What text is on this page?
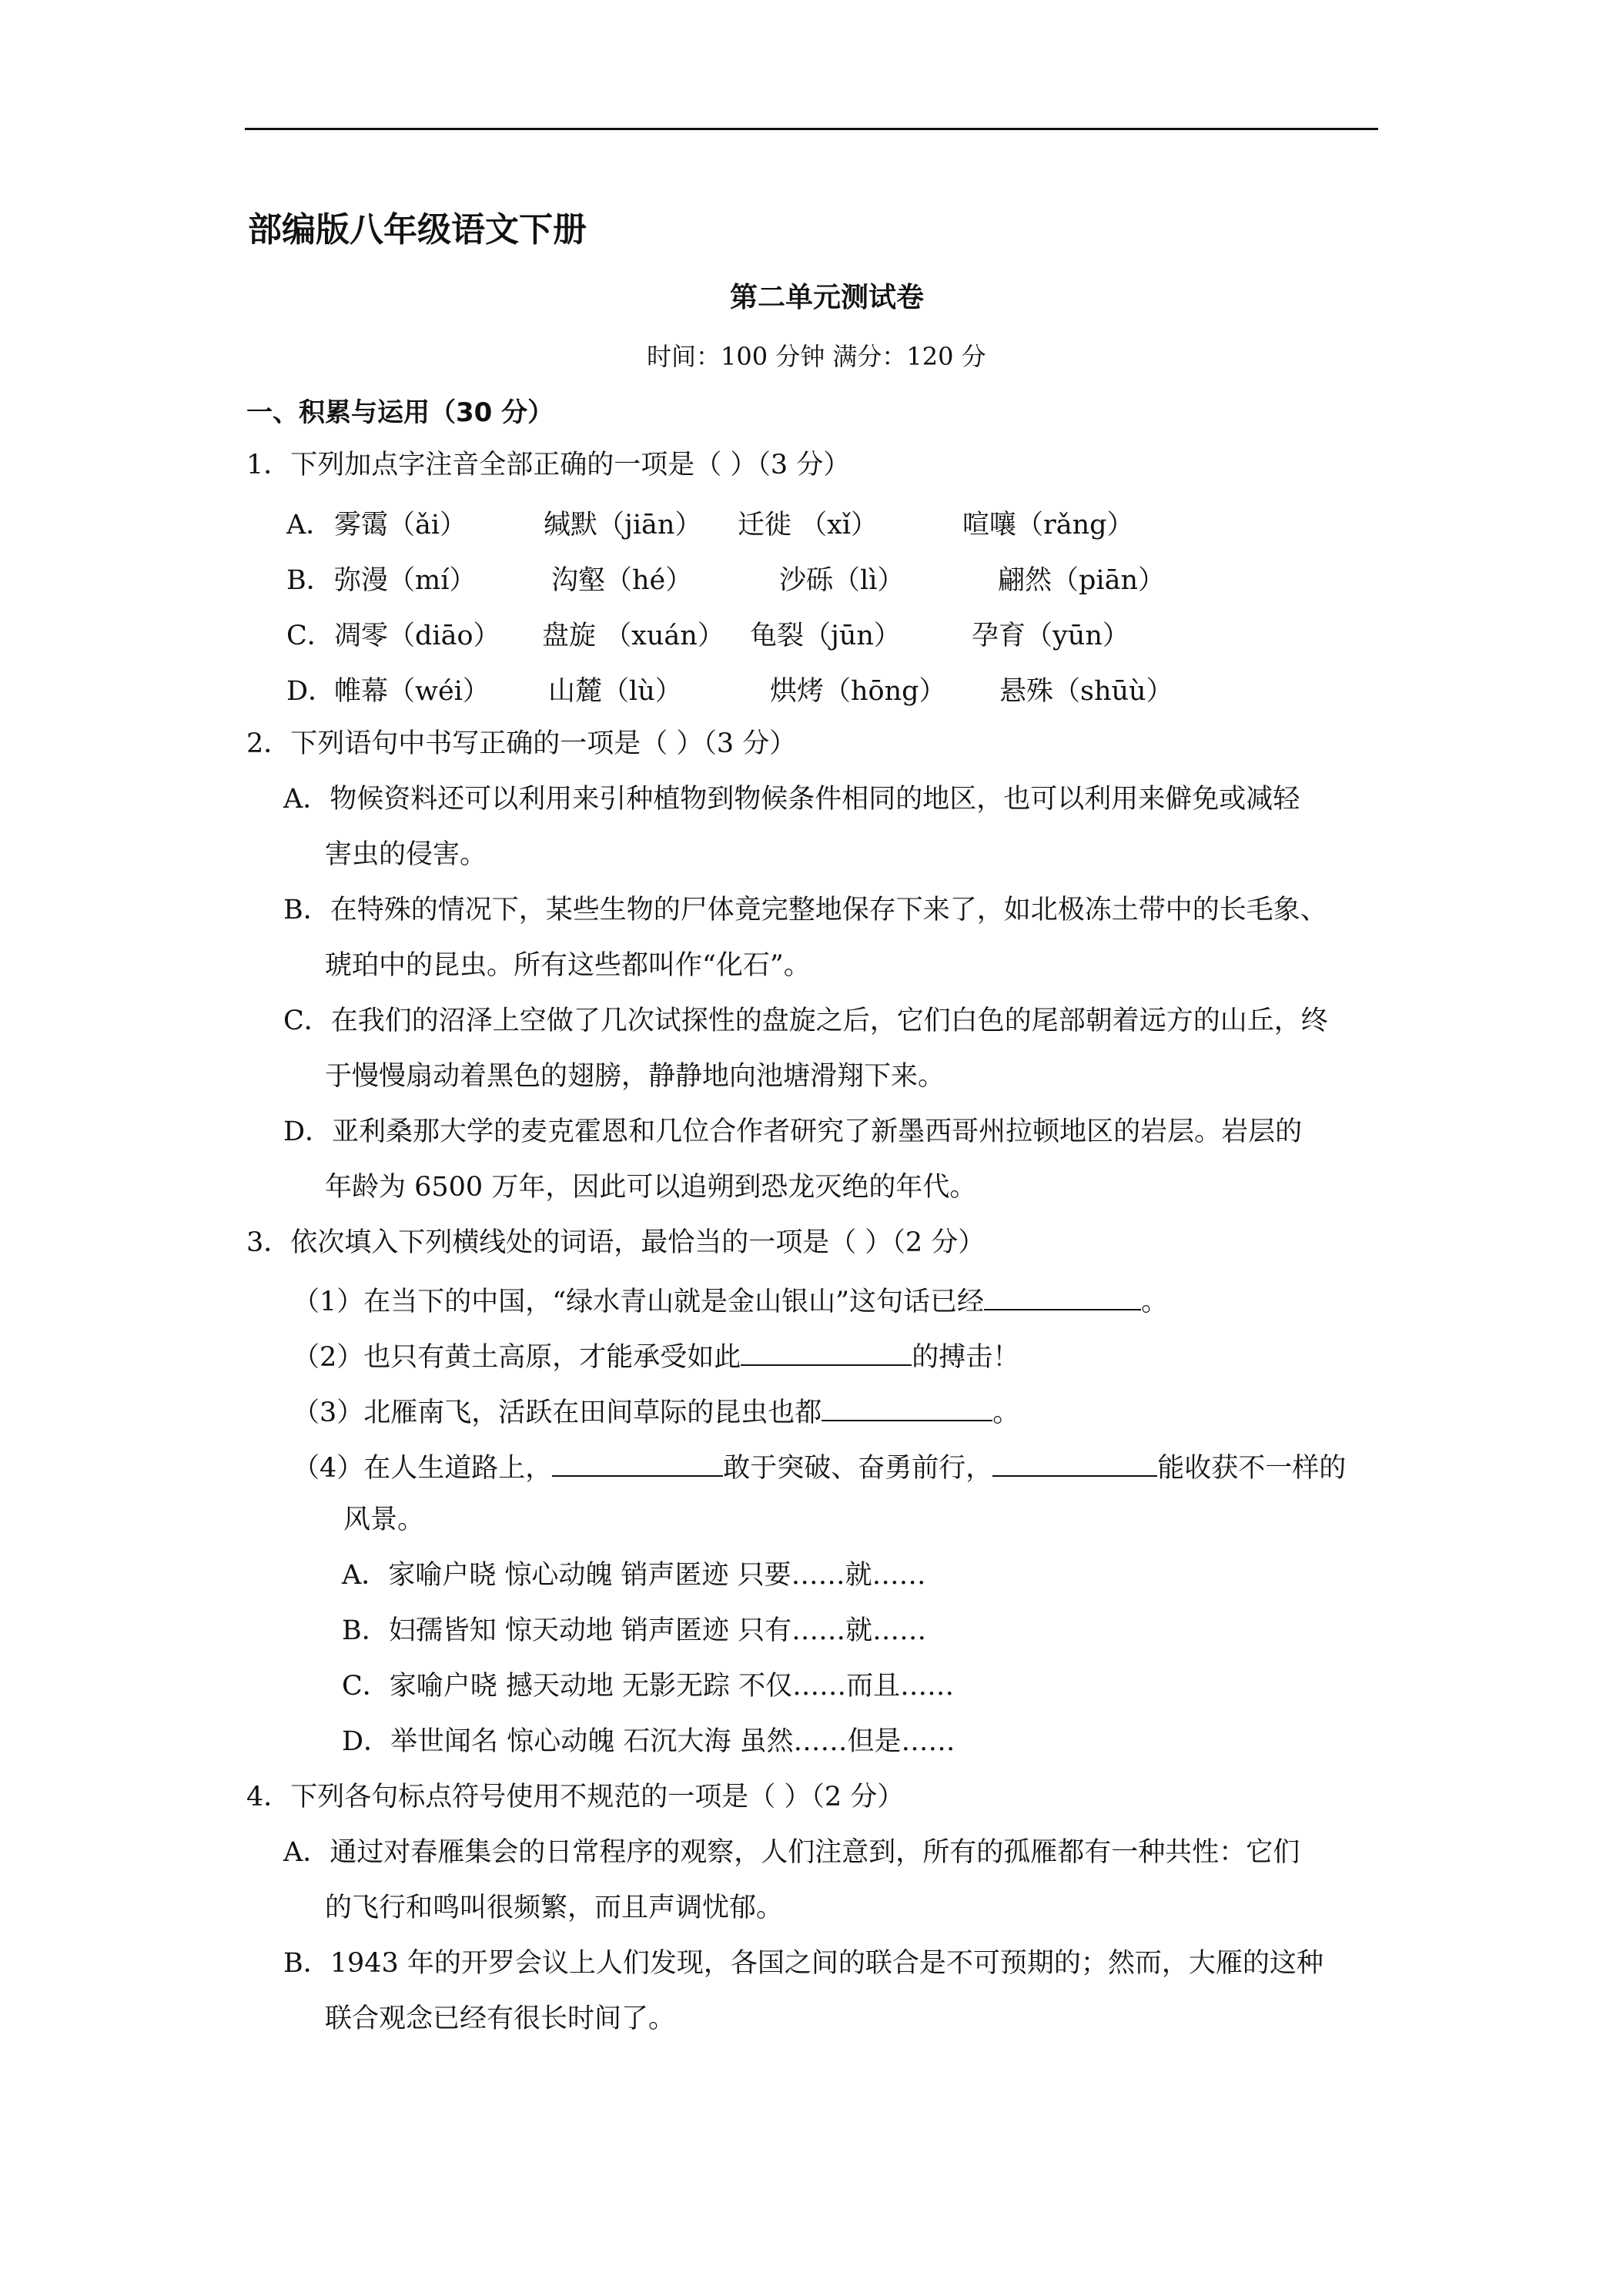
部编版八年级语文下册
第二单元测试卷
时间：100 分钟 满分：120 分
一、积累与运用（30 分）
1．下列加点字注音全部正确的一项是（ ）（3 分）
A． 雾霭（ǎi）	缄默（jiān） 迁徙 （xǐ）	喧嚷（rǎng）
B． 弥漫（mí）	沟壑（hé）	沙砾（lì）	翩然（piān）
C． 凋零（diāo） 盘旋 （xuán） 龟裂（jūn）	孕育（yūn）
D．
帷幕（wéi） 山麓（lù）	烘烤（hōng） 悬殊（shūù）
2．下列语句中书写正确的一项是（ ）（3 分）
A．物候资料还可以利用来引种植物到物候条件相同的地区，也可以利用来僻免或减轻
害虫的侵害。
B．在特殊的情况下，某些生物的尸体竟完整地保存下来了，如北极冻土带中的长毛象、
琥珀中的昆虫。所有这些都叫作“化石”。
C．在我们的沼泽上空做了几次试探性的盘旋之后，它们白色的尾部朝着远方的山丘，终
于慢慢扇动着黑色的翅膀，静静地向池塘滑翔下来。
D．亚利桑那大学的麦克霍恩和几位合作者研究了新墨西哥州拉顿地区的岩层。岩层的
年龄为 6500 万年，因此可以追朔到恐龙灭绝的年代。
3．依次填入下列横线处的词语，最恰当的一项是（ ）（2 分）
（1）在当下的中国，“绿水青山就是金山银山”这句话已经	。
（2）也只有黄土高原，才能承受如此	的搏击！
（3）北雁南飞，活跃在田间草际的昆虫也都	。
（4）在人生道路上，	敢于突破、奋勇前行，	能收获不一样的
风景。
A．家喻户晓 惊心动魄 销声匿迹 只要……就……
B．妇孺皆知 惊天动地 销声匿迹 只有……就……
C．家喻户晓 撼天动地 无影无踪 不仅……而且……
D．举世闻名 惊心动魄 石沉大海 虽然……但是……
4．下列各句标点符号使用不规范的一项是（ ）（2 分）
A．通过对春雁集会的日常程序的观察，人们注意到，所有的孤雁都有一种共性：它们
的飞行和鸣叫很频繁，而且声调忧郁。
B．1943 年的开罗会议上人们发现，各国之间的联合是不可预期的；然而，大雁的这种
联合观念已经有很长时间了。
